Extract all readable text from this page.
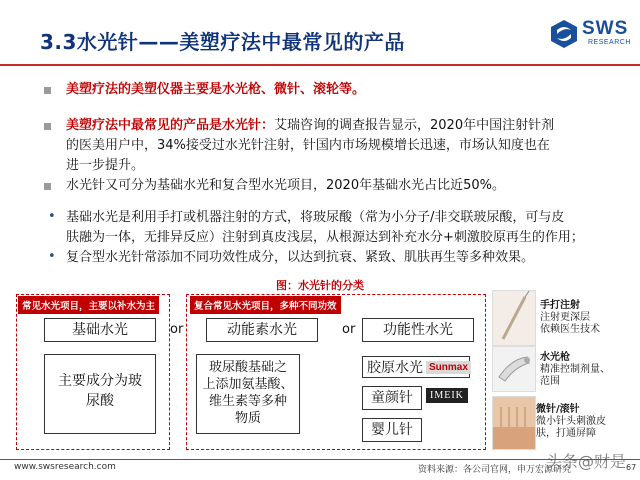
3.3水光针——美塑疗法中最常见的产品
SWS
RESEARCH
美塑疗法的美塑仪器主要是水光枪、微针、滚轮等。
美塑疗法中最常见的产品是水光针：艾瑞咨询的调查报告显示，2020年中国注射针剂
的医美用户中，34%接受过水光针注射，针国内市场规模增长迅速，市场认知度也在
进一步提升。
水光针又可分为基础水光和复合型水光项目，2020年基础水光占比近50%。
• 基础水光是利用手打或机器注射的方式，将玻尿酸（常为小分子/非交联玻尿酸，可与皮
肤融为一体，无排异反应）注射到真皮浅层，从根源达到补充水分+刺激胶原再生的作用；
• 复合型水光针常添加不同功效性成分，以达到抗衰、紧致、肌肤再生等多种效果。
图：水光针的分类
常见水光项目，主要以补水为主
基础水光
主要成分为玻
尿酸
or
复合常见水光项目，多种不同功效
动能素水光
玻尿酸基础之
上添加氨基酸、
维生素等多种
物质
or	功能性水光
胶原水光 Sunmax
童颜针	IMEIK
婴儿针
手打注射
注射更深层
依赖医生技术
水光枪
精准控制剂量、
范围
微针/滚针
微小针头刺激皮
肤，打通屏障
www.swsresearch.com	资料来源：各公司官网，申万宏源研究
头条@财是 67
